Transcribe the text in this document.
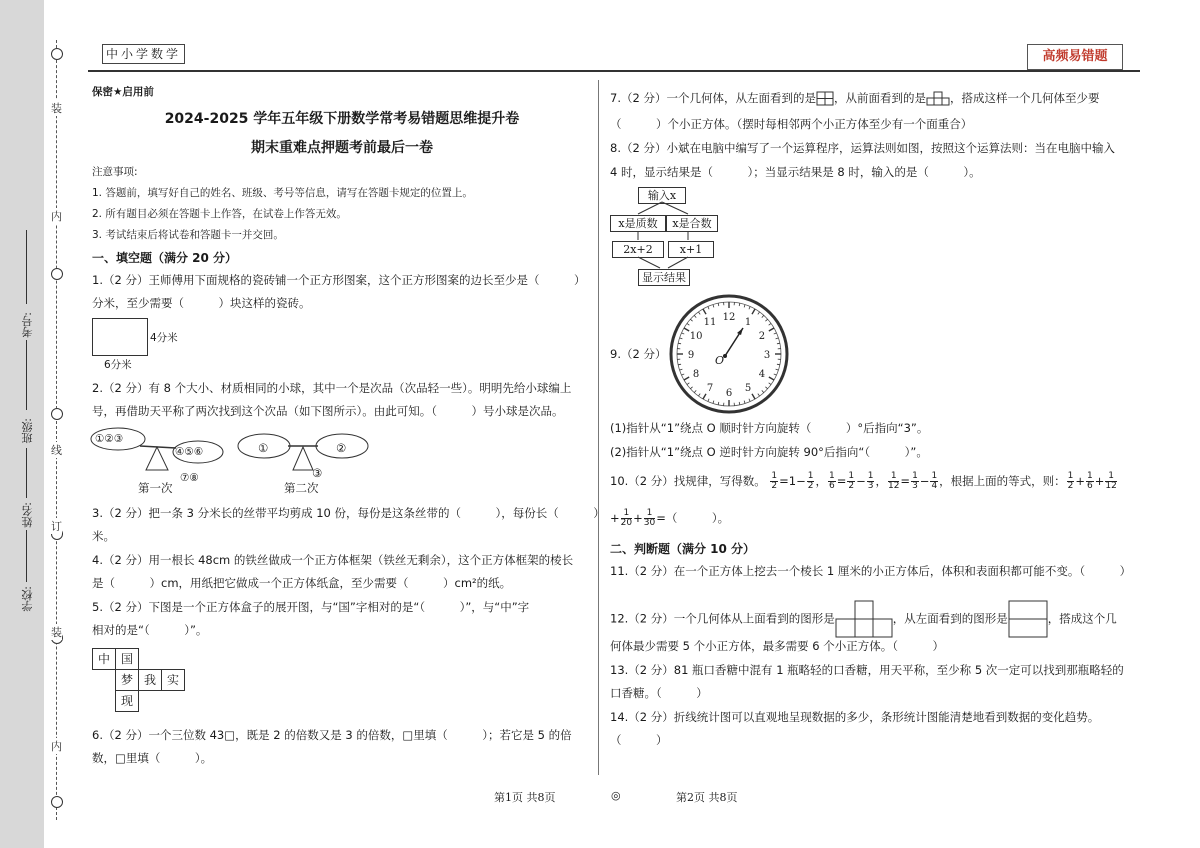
装
内
线
订
装
内
考号:
班级:
姓名:
学校:
中小学数学	高频易错题
保密★启用前
2024-2025 学年五年级下册数学常考易错题思维提升卷
期末重难点押题考前最后一卷
注意事项:
1. 答题前，填写好自己的姓名、班级、考号等信息，请写在答题卡规定的位置上。
2. 所有题目必须在答题卡上作答，在试卷上作答无效。
3. 考试结束后将试卷和答题卡一并交回。
一、填空题（满分 20 分）
1.（2 分）王师傅用下面规格的瓷砖铺一个正方形图案，这个正方形图案的边长至少是（　　　）
分米，至少需要（　　　）块这样的瓷砖。
4分米
6分米
2.（2 分）有 8 个大小、材质相同的小球，其中一个是次品（次品轻一些）。明明先给小球编上
号，再借助天平称了两次找到这个次品（如下图所示）。由此可知。（　　　）号小球是次品。
①②③
④⑤⑥
⑦⑧
第一次
①	②
③
第二次
3.（2 分）把一条 3 分米长的丝带平均剪成 10 份，每份是这条丝带的（　　　），每份长（　　　）
米。
4.（2 分）用一根长 48cm 的铁丝做成一个正方体框架（铁丝无剩余），这个正方体框架的棱长
是（　　　）cm，用纸把它做成一个正方体纸盒，至少需要（　　　）cm²的纸。
5.（2 分）下图是一个正方体盒子的展开图，与“国”字相对的是“（　　　）”，与“中”字
相对的是“（　　　）”。
中 国
梦 我 实
现
6.（2 分）一个三位数 43□，既是 2 的倍数又是 3 的倍数，□里填（　　　）；若它是 5 的倍
数，□里填（　　　）。
7.（2 分）一个几何体，从左面看到的是 ，从前面看到的是 ，搭成这样一个几何体至少要
（　　　）个小正方体。（摆时每相邻两个小正方体至少有一个面重合）
8.（2 分）小斌在电脑中编写了一个运算程序，运算法则如图，按照这个运算法则：当在电脑中输入
4 时，显示结果是（　　　）；当显示结果是 8 时，输入的是（　　　）。
输入x
x是质数	x是合数
2x+2	x+1
显示结果
9.（2 分）
12 1
2
3
4
5
6
7
8
9
10
11
O
(1)指针从“1”绕点 O 顺时针方向旋转（　　　）°后指向“3”。
(2)指针从“1”绕点 O 逆时针方向旋转 90°后指向“（　　　）”。
10.（2 分）找规律，写得数。 $\frac{1}{2} =1- \frac{1}{2}$ ， $\frac{1}{6} = \frac{1}{2} - \frac{1}{3}$ ， $\frac{1}{12} = \frac{1}{3} - \frac{1}{4}$ ，根据上面的等式，则： $\frac{1}{2} + \frac{1}{6} + \frac{1}{12}$
+ $\frac{1}{20} + \frac{1}{30}$ =（　　　）。
二、判断题（满分 10 分）
11.（2 分）在一个正方体上挖去一个棱长 1 厘米的小正方体后，体积和表面积都可能不变。（　　　）
12.（2 分）一个几何体从上面看到的图形是	，从左面看到的图形是	，搭成这个几
何体最少需要 5 个小正方体，最多需要 6 个小正方体。（　　　）
13.（2 分）81 瓶口香糖中混有 1 瓶略轻的口香糖，用天平称，至少称 5 次一定可以找到那瓶略轻的
口香糖。（　　　）
14.（2 分）折线统计图可以直观地呈现数据的多少，条形统计图能清楚地看到数据的变化趋势。
（　　　）
第1页 共8页	◎	第2页 共8页
